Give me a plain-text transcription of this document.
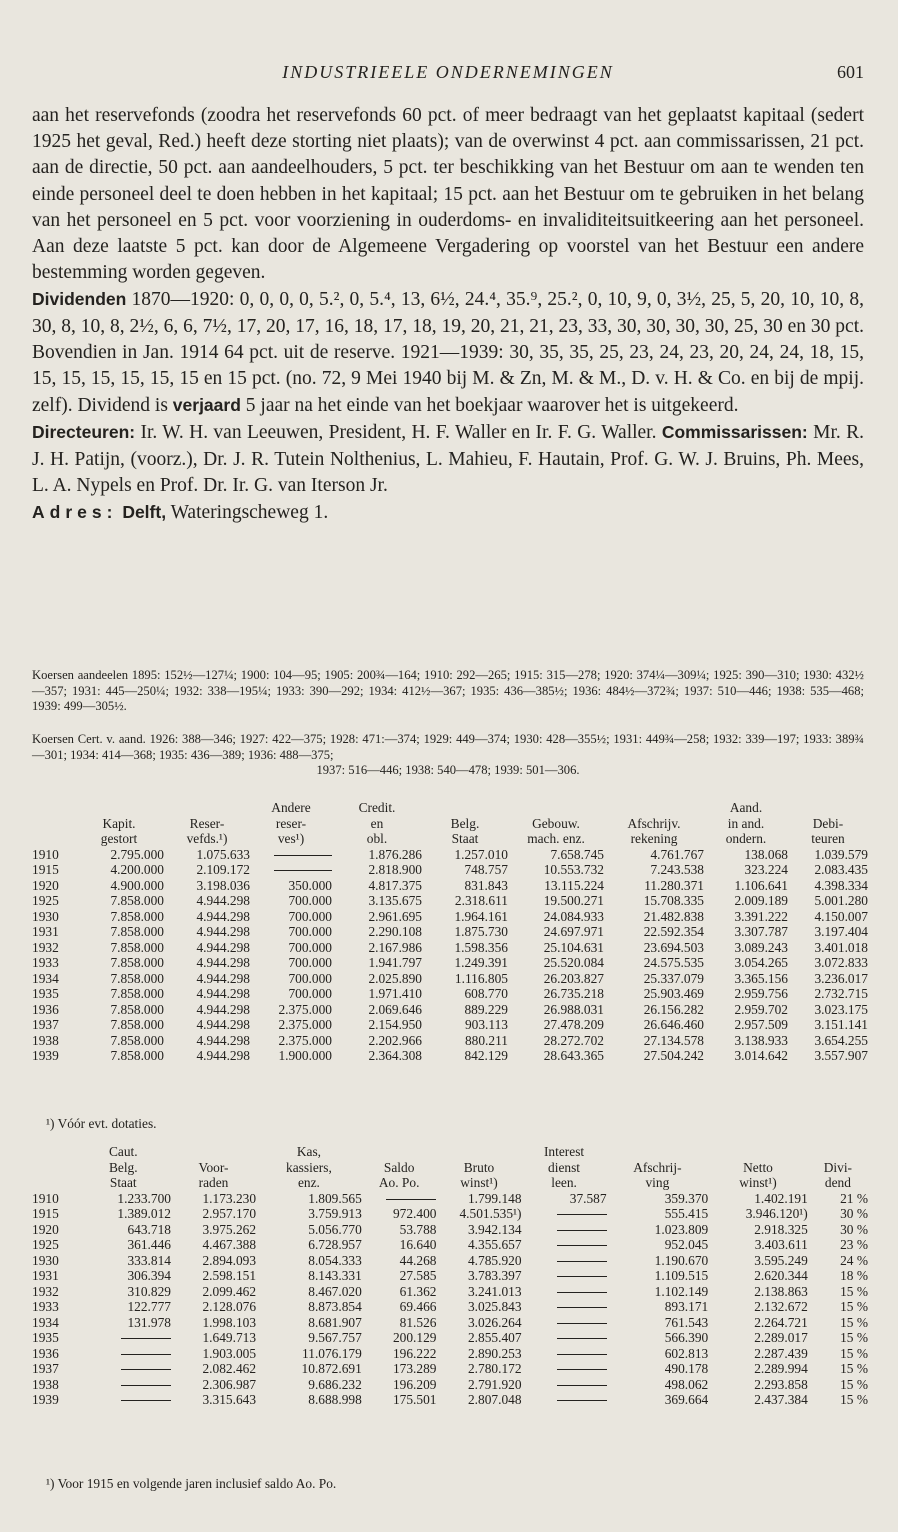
INDUSTRIEELE ONDERNEMINGEN	601

aan het reservefonds (zoodra het reservefonds 60 pct. of meer bedraagt van het geplaatst kapitaal (sedert 1925 het geval, Red.) heeft deze storting niet plaats); van de overwinst 4 pct. aan commissarissen, 21 pct. aan de directie, 50 pct. aan aandeelhouders, 5 pct. ter beschikking van het Bestuur om aan te wenden ten einde personeel deel te doen hebben in het kapitaal; 15 pct. aan het Bestuur om te gebruiken in het belang van het personeel en 5 pct. voor voorziening in ouderdoms- en invaliditeitsuitkeering aan het personeel. Aan deze laatste 5 pct. kan door de Algemeene Vergadering op voorstel van het Bestuur een andere bestemming worden gegeven.

Dividenden 1870—1920: 0, 0, 0, 0, 5.², 0, 5.⁴, 13, 6½, 24.⁴, 35.⁹, 25.², 0, 10, 9, 0, 3½, 25, 5, 20, 10, 10, 8, 30, 8, 10, 8, 2½, 6, 6, 7½, 17, 20, 17, 16, 18, 17, 18, 19, 20, 21, 21, 23, 33, 30, 30, 30, 30, 25, 30 en 30 pct. Bovendien in Jan. 1914 64 pct. uit de reserve. 1921—1939: 30, 35, 35, 25, 23, 24, 23, 20, 24, 24, 18, 15, 15, 15, 15, 15, 15, 15 en 15 pct. (no. 72, 9 Mei 1940 bij M. & Zn, M. & M., D. v. H. & Co. en bij de mpij. zelf). Dividend is verjaard 5 jaar na het einde van het boekjaar waarover het is uitgekeerd.

Directeuren: Ir. W. H. van Leeuwen, President, H. F. Waller en Ir. F. G. Waller. Commissarissen: Mr. R. J. H. Patijn, (voorz.), Dr. J. R. Tutein Nolthenius, L. Mahieu, F. Hautain, Prof. G. W. J. Bruins, Ph. Mees, L. A. Nypels en Prof. Dr. Ir. G. van Iterson Jr.

Adres: Delft, Wateringscheweg 1.

Koersen aandeelen 1895: 152½—127¼; 1900: 104—95; 1905: 200¾—164; 1910: 292—265; 1915: 315—278; 1920: 374¼—309¼; 1925: 390—310; 1930: 432½—357; 1931: 445—250¼; 1932: 338—195¼; 1933: 390—292; 1934: 412½—367; 1935: 436—385½; 1936: 484½—372¾; 1937: 510—446; 1938: 535—468; 1939: 499—305½.
Koersen Cert. v. aand. 1926: 388—346; 1927: 422—375; 1928: 471:—374; 1929: 449—374; 1930: 428—355½; 1931: 449¾—258; 1932: 339—197; 1933: 389¾—301; 1934: 414—368; 1935: 436—389; 1936: 488—375;
1937: 516—446; 1938: 540—478; 1939: 501—306.
			Andere	Credit.				Aand.	
	Kapit.	Reser-	reser-	en	Belg.	Gebouw.	Afschrijv.	in and.	Debi-
	gestort	vefds.¹)	ves¹)	obl.	Staat	mach. enz.	rekening	ondern.	teuren
1910	2.795.000	1.075.633		1.876.286	1.257.010	7.658.745	4.761.767	138.068	1.039.579
1915	4.200.000	2.109.172		2.818.900	748.757	10.553.732	7.243.538	323.224	2.083.435
1920	4.900.000	3.198.036	350.000	4.817.375	831.843	13.115.224	11.280.371	1.106.641	4.398.334
1925	7.858.000	4.944.298	700.000	3.135.675	2.318.611	19.500.271	15.708.335	2.009.189	5.001.280
1930	7.858.000	4.944.298	700.000	2.961.695	1.964.161	24.084.933	21.482.838	3.391.222	4.150.007
1931	7.858.000	4.944.298	700.000	2.290.108	1.875.730	24.697.971	22.592.354	3.307.787	3.197.404
1932	7.858.000	4.944.298	700.000	2.167.986	1.598.356	25.104.631	23.694.503	3.089.243	3.401.018
1933	7.858.000	4.944.298	700.000	1.941.797	1.249.391	25.520.084	24.575.535	3.054.265	3.072.833
1934	7.858.000	4.944.298	700.000	2.025.890	1.116.805	26.203.827	25.337.079	3.365.156	3.236.017
1935	7.858.000	4.944.298	700.000	1.971.410	608.770	26.735.218	25.903.469	2.959.756	2.732.715
1936	7.858.000	4.944.298	2.375.000	2.069.646	889.229	26.988.031	26.156.282	2.959.702	3.023.175
1937	7.858.000	4.944.298	2.375.000	2.154.950	903.113	27.478.209	26.646.460	2.957.509	3.151.141
1938	7.858.000	4.944.298	2.375.000	2.202.966	880.211	28.272.702	27.134.578	3.138.933	3.654.255
1939	7.858.000	4.944.298	1.900.000	2.364.308	842.129	28.643.365	27.504.242	3.014.642	3.557.907
¹) Vóór evt. dotaties.
	Caut.		Kas,			Interest			
	Belg.	Voor-	kassiers,	Saldo	Bruto	dienst	Afschrij-	Netto	Divi-
	Staat	raden	enz.	Ao. Po.	winst¹)	leen.	ving	winst¹)	dend
1910	1.233.700	1.173.230	1.809.565		1.799.148	37.587	359.370	1.402.191	21 %
1915	1.389.012	2.957.170	3.759.913	972.400	4.501.535¹)		555.415	3.946.120¹)	30 %
1920	643.718	3.975.262	5.056.770	53.788	3.942.134		1.023.809	2.918.325	30 %
1925	361.446	4.467.388	6.728.957	16.640	4.355.657		952.045	3.403.611	23 %
1930	333.814	2.894.093	8.054.333	44.268	4.785.920		1.190.670	3.595.249	24 %
1931	306.394	2.598.151	8.143.331	27.585	3.783.397		1.109.515	2.620.344	18 %
1932	310.829	2.099.462	8.467.020	61.362	3.241.013		1.102.149	2.138.863	15 %
1933	122.777	2.128.076	8.873.854	69.466	3.025.843		893.171	2.132.672	15 %
1934	131.978	1.998.103	8.681.907	81.526	3.026.264		761.543	2.264.721	15 %
1935		1.649.713	9.567.757	200.129	2.855.407		566.390	2.289.017	15 %
1936		1.903.005	11.076.179	196.222	2.890.253		602.813	2.287.439	15 %
1937		2.082.462	10.872.691	173.289	2.780.172		490.178	2.289.994	15 %
1938		2.306.987	9.686.232	196.209	2.791.920		498.062	2.293.858	15 %
1939		3.315.643	8.688.998	175.501	2.807.048		369.664	2.437.384	15 %
¹) Voor 1915 en volgende jaren inclusief saldo Ao. Po.
